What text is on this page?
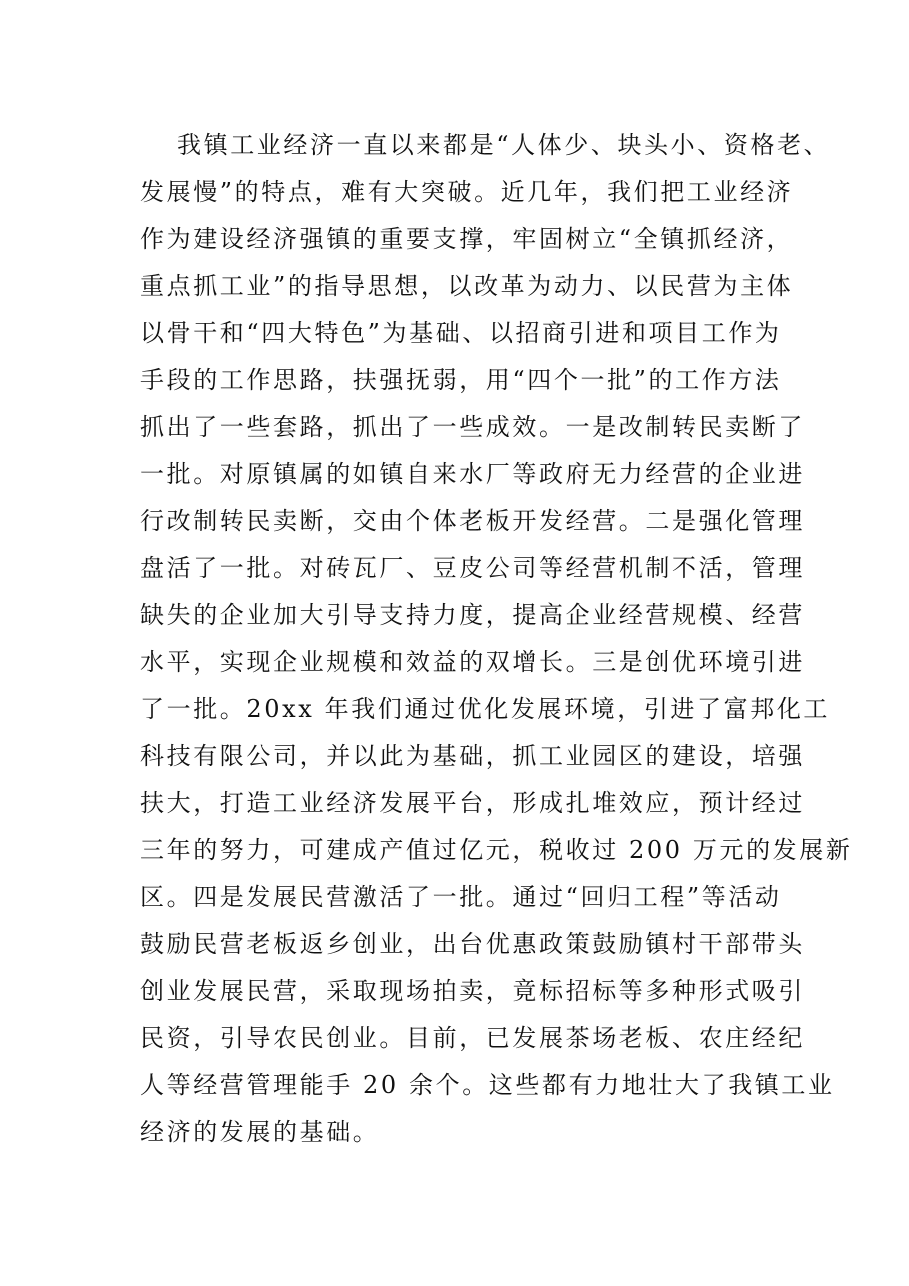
我镇工业经济一直以来都是“人体少、块头小、资格老、
发展慢”的特点，难有大突破。近几年，我们把工业经济
作为建设经济强镇的重要支撑，牢固树立“全镇抓经济，
重点抓工业”的指导思想，以改革为动力、以民营为主体
以骨干和“四大特色”为基础、以招商引进和项目工作为
手段的工作思路，扶强抚弱，用“四个一批”的工作方法
抓出了一些套路，抓出了一些成效。一是改制转民卖断了
一批。对原镇属的如镇自来水厂等政府无力经营的企业进
行改制转民卖断，交由个体老板开发经营。二是强化管理
盘活了一批。对砖瓦厂、豆皮公司等经营机制不活，管理
缺失的企业加大引导支持力度，提高企业经营规模、经营
水平，实现企业规模和效益的双增长。三是创优环境引进
了一批。20xx 年我们通过优化发展环境，引进了富邦化工
科技有限公司，并以此为基础，抓工业园区的建设，培强
扶大，打造工业经济发展平台，形成扎堆效应，预计经过
三年的努力，可建成产值过亿元，税收过 200 万元的发展新
区。四是发展民营激活了一批。通过“回归工程”等活动
鼓励民营老板返乡创业，出台优惠政策鼓励镇村干部带头
创业发展民营，采取现场拍卖，竟标招标等多种形式吸引
民资，引导农民创业。目前，已发展茶场老板、农庄经纪
人等经营管理能手 20 余个。这些都有力地壮大了我镇工业
经济的发展的基础。
